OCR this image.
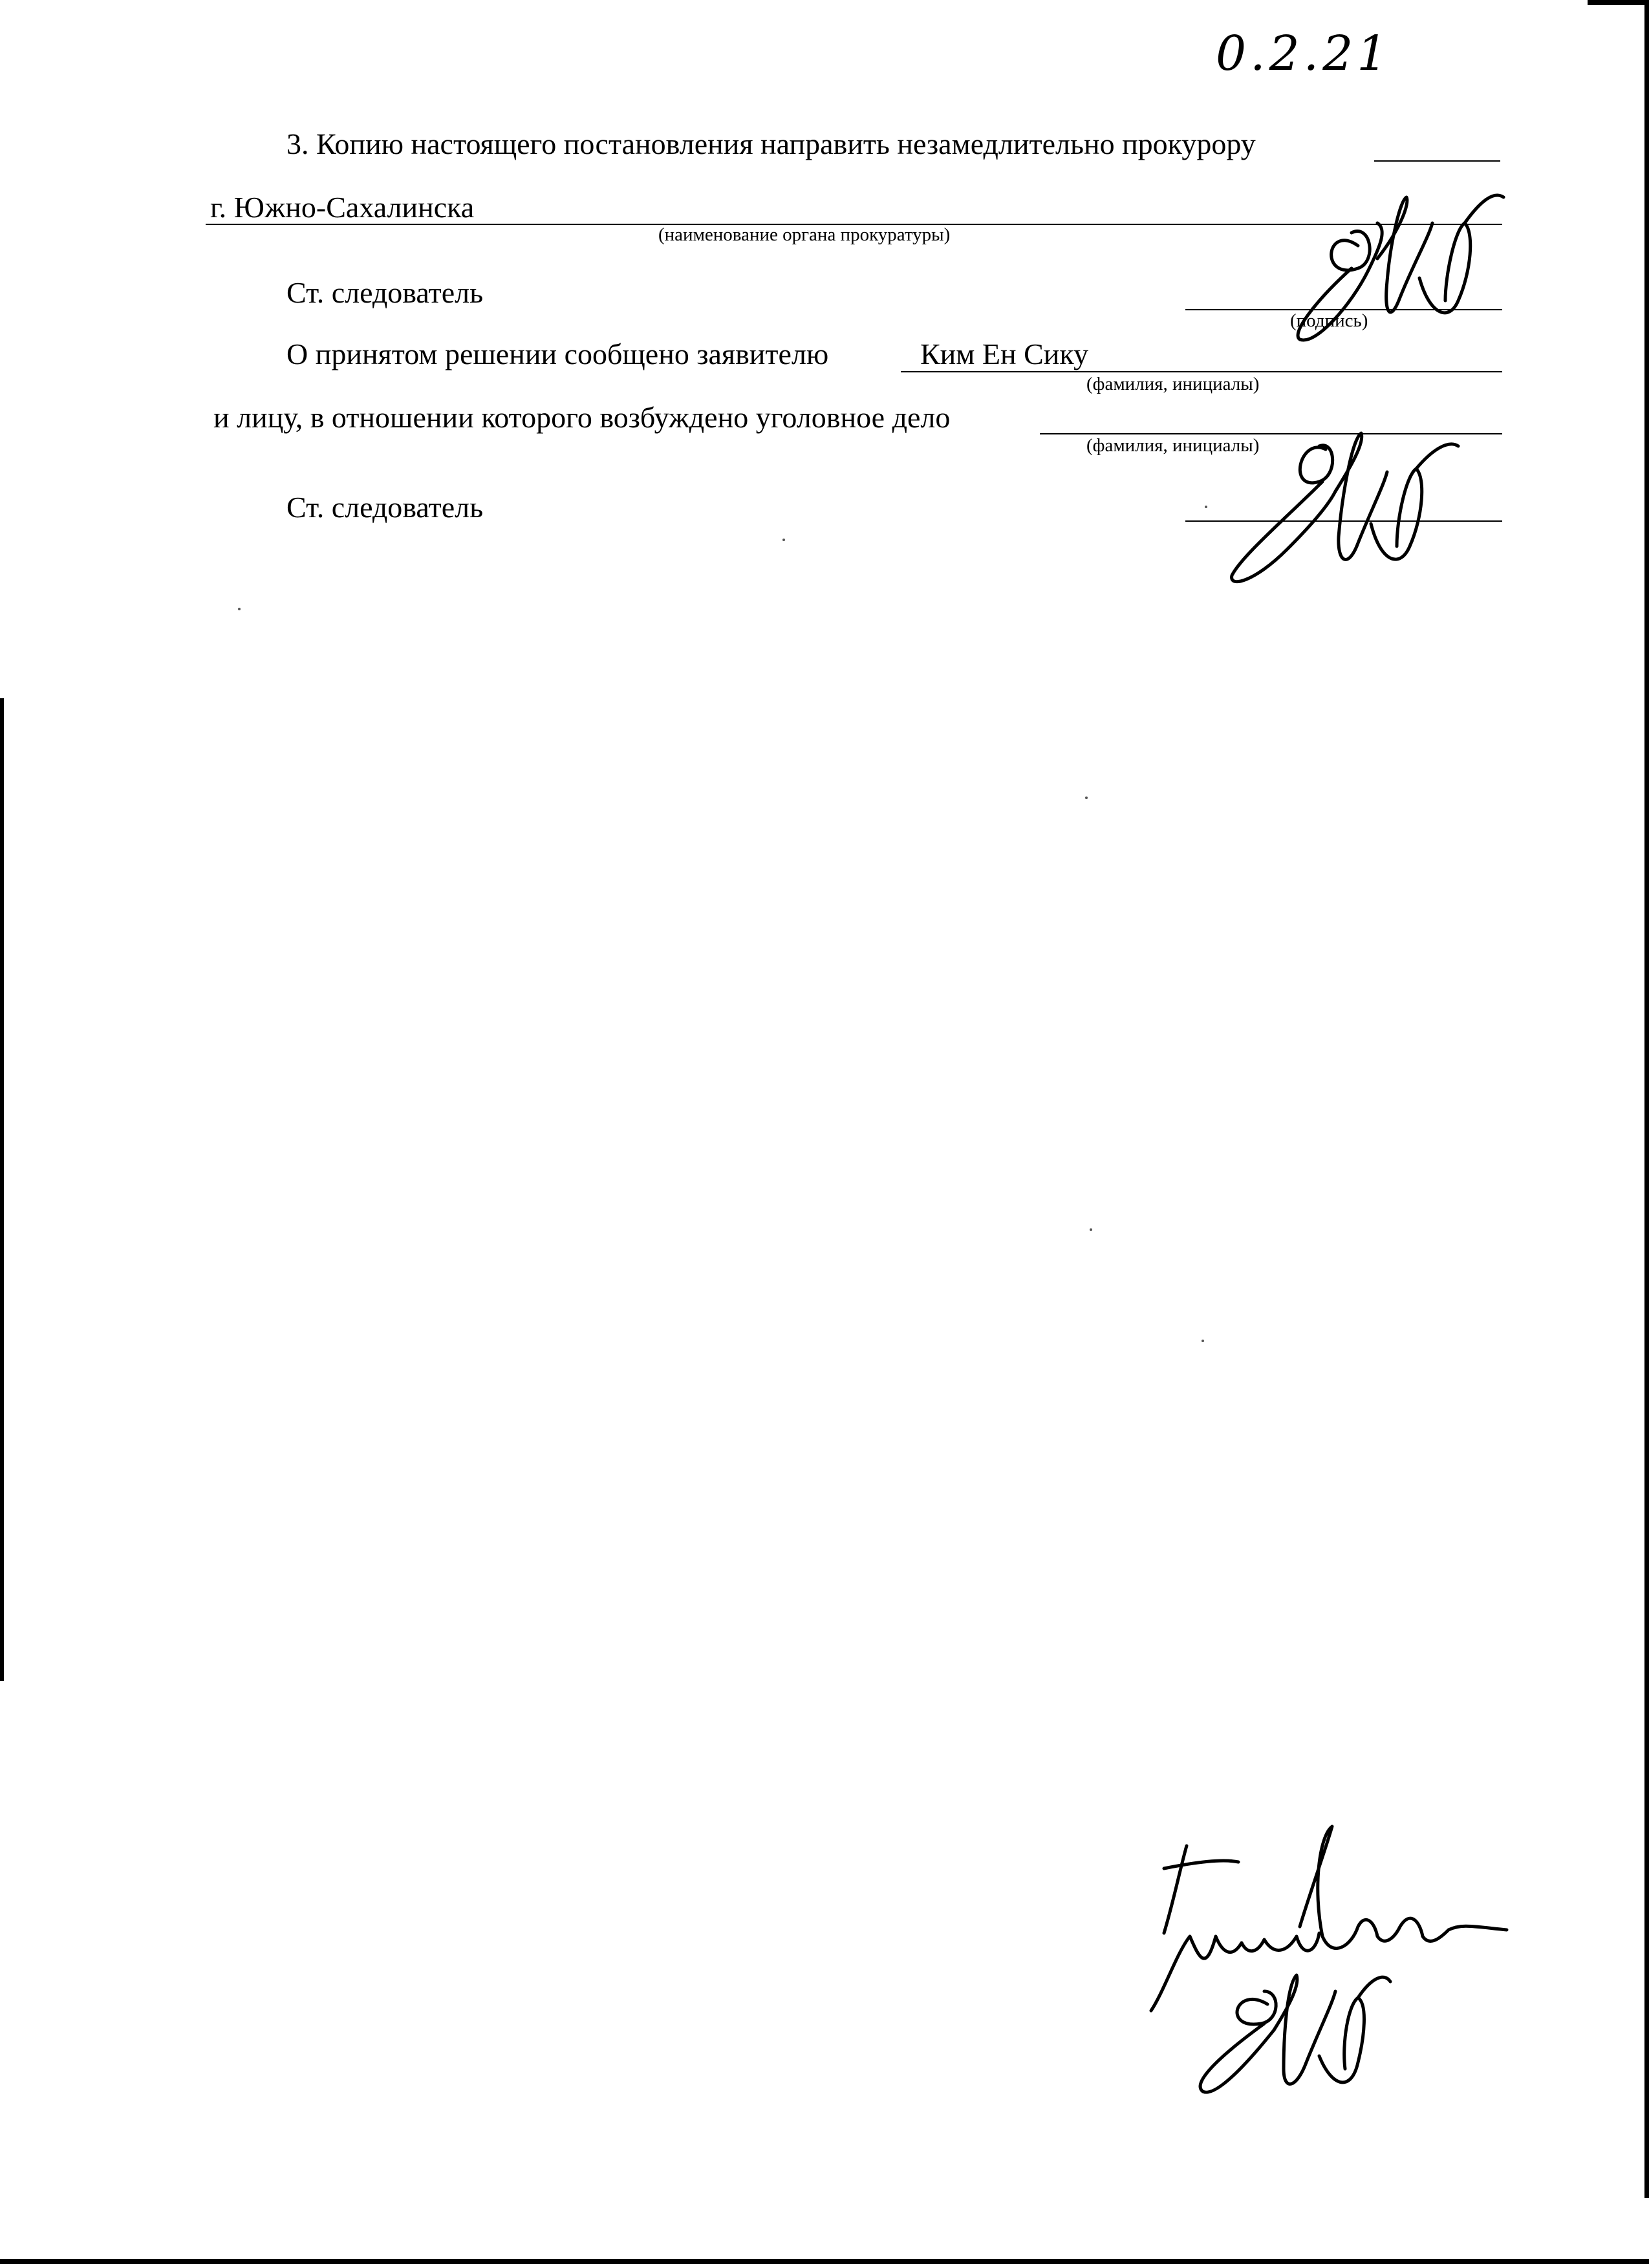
0.2.21
3. Копию настоящего постановления направить незамедлительно прокурору
г. Южно-Сахалинска
(наименование органа прокуратуры)
Ст. следователь
(подпись)
О принятом решении сообщено заявителю	Ким Ен Сику
(фамилия, инициалы)
и лицу, в отношении которого возбуждено уголовное дело
(фамилия, инициалы)
Ст. следователь
